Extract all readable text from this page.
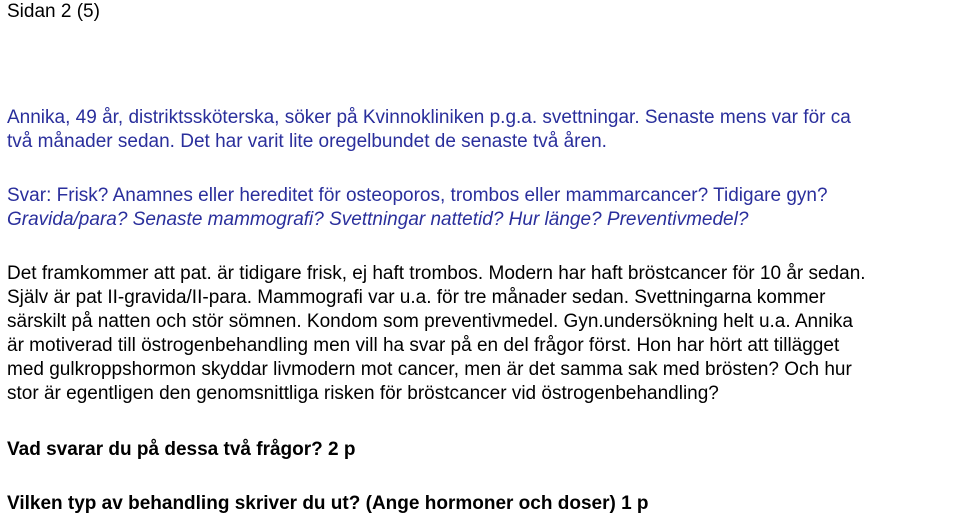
Sidan 2 (5)
Annika, 49 år, distriktssköterska, söker på Kvinnokliniken p.g.a. svettningar. Senaste mens var för ca
två månader sedan. Det har varit lite oregelbundet de senaste två åren.
Svar: Frisk? Anamnes eller hereditet för osteoporos, trombos eller mammarcancer? Tidigare gyn?
Gravida/para? Senaste mammografi? Svettningar nattetid? Hur länge? Preventivmedel?
Det framkommer att pat. är tidigare frisk, ej haft trombos. Modern har haft bröstcancer för 10 år sedan.
Själv är pat II-gravida/II-para. Mammografi var u.a. för tre månader sedan. Svettningarna kommer
särskilt på natten och stör sömnen. Kondom som preventivmedel. Gyn.undersökning helt u.a. Annika
är motiverad till östrogenbehandling men vill ha svar på en del frågor först. Hon har hört att tillägget
med gulkroppshormon skyddar livmodern mot cancer, men är det samma sak med brösten? Och hur
stor är egentligen den genomsnittliga risken för bröstcancer vid östrogenbehandling?
Vad svarar du på dessa två frågor? 2 p
Vilken typ av behandling skriver du ut? (Ange hormoner och doser) 1 p
